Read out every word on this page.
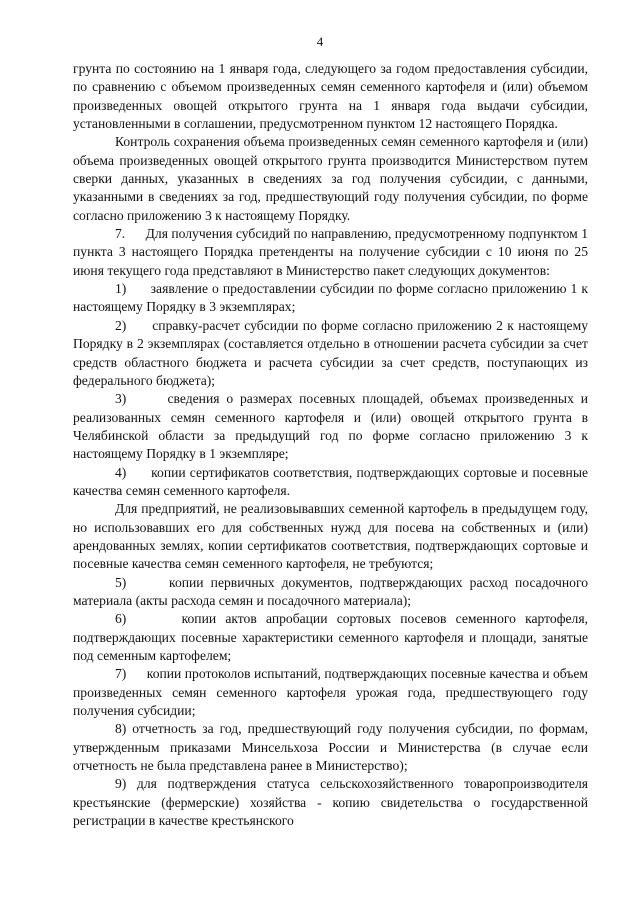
4

грунта по состоянию на 1 января года, следующего за годом предоставления субсидии, по сравнению с объемом произведенных семян семенного картофеля и (или) объемом произведенных овощей открытого грунта на 1 января года выдачи субсидии, установленными в соглашении, предусмотренном пунктом 12 настоящего Порядка.

Контроль сохранения объема произведенных семян семенного картофеля и (или) объема произведенных овощей открытого грунта производится Министерством путем сверки данных, указанных в сведениях за год получения субсидии, с данными, указанными в сведениях за год, предшествующий году получения субсидии, по форме согласно приложению 3 к настоящему Порядку.

7.      Для получения субсидий по направлению, предусмотренному подпунктом 1 пункта 3 настоящего Порядка претенденты на получение субсидии с 10 июня по 25 июня текущего года представляют в Министерство пакет следующих документов:

1)      заявление о предоставлении субсидии по форме согласно приложению 1 к настоящему Порядку в 3 экземплярах;

2)      справку-расчет субсидии по форме согласно приложению 2 к настоящему Порядку в 2 экземплярах (составляется отдельно в отношении расчета субсидии за счет средств областного бюджета и расчета субсидии за счет средств, поступающих из федерального бюджета);

3)      сведения о размерах посевных площадей, объемах произведенных и реализованных семян семенного картофеля и (или) овощей открытого грунта в Челябинской области за предыдущий год по форме согласно приложению 3 к настоящему Порядку в 1 экземпляре;

4)      копии сертификатов соответствия, подтверждающих сортовые и посевные качества семян семенного картофеля.

Для предприятий, не реализовывавших семенной картофель в предыдущем году, но использовавших его для собственных нужд для посева на собственных и (или) арендованных землях, копии сертификатов соответствия, подтверждающих сортовые и посевные качества семян семенного картофеля, не требуются;

5)      копии первичных документов, подтверждающих расход посадочного материала (акты расхода семян и посадочного материала);

6)      копии актов апробации сортовых посевов семенного картофеля, подтверждающих посевные характеристики семенного картофеля и площади, занятые под семенным картофелем;

7)      копии протоколов испытаний, подтверждающих посевные качества и объем произведенных семян семенного картофеля урожая года, предшествующего году получения субсидии;

8) отчетность за год, предшествующий году получения субсидии, по формам, утвержденным приказами Минсельхоза России и Министерства (в случае если отчетность не была представлена ранее в Министерство);

9) для подтверждения статуса сельскохозяйственного товаропроизводителя крестьянские (фермерские) хозяйства - копию свидетельства о государственной регистрации в качестве крестьянского
